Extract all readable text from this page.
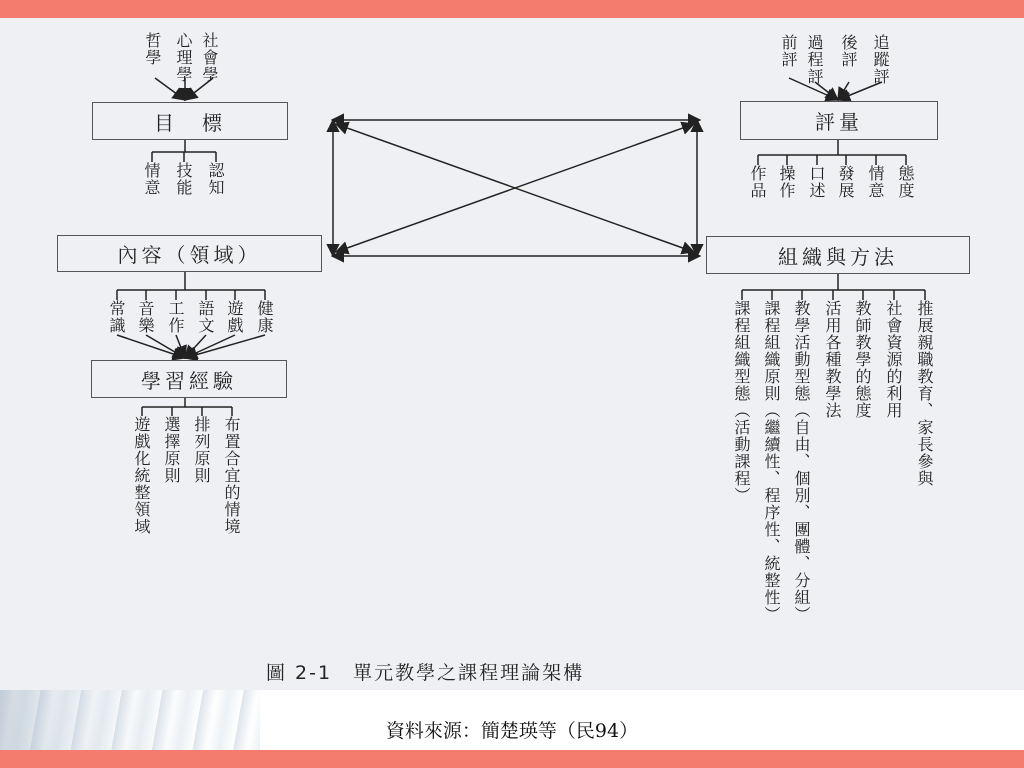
社會學
心理學
哲學
目　標
認知
技能
情意
追蹤評
後評
過程評
前評
評量
態度
情意
發展
口述
操作
作品
內容（領域）	組織與方法
健康
遊戲
語文
工作
音樂
常識
學習經驗
布置合宜的情境
排列原則
選擇原則
遊戲化統整領域	推展親職教育、家長參與
社會資源的利用
教師教學的態度
活用各種教學法
教學活動型態（自由、個別、團體、分組）
課程組織原則（繼續性、程序性、統整性）
課程組織型態（活動課程）
圖 2-1　單元教學之課程理論架構
資料來源：簡楚瑛等（民94）
